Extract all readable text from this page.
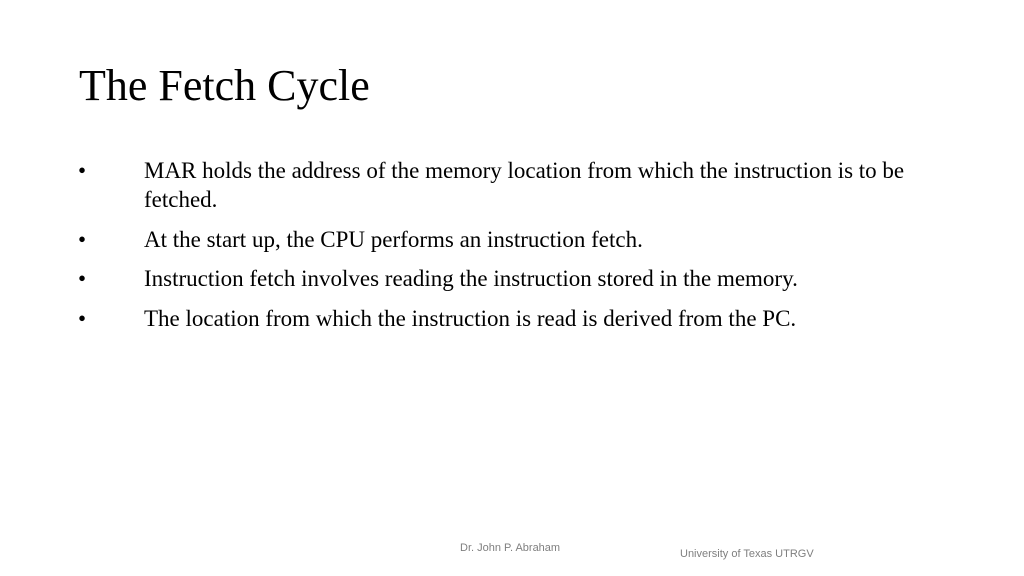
The Fetch Cycle
•	MAR holds the address of the memory location from which the instruction is to be fetched.
•	At the start up, the CPU performs an instruction fetch.
•	Instruction fetch involves reading the instruction stored in the memory.
•	The location from which the instruction is read is derived from the PC.
Dr. John P. Abraham	University of Texas UTRGV
